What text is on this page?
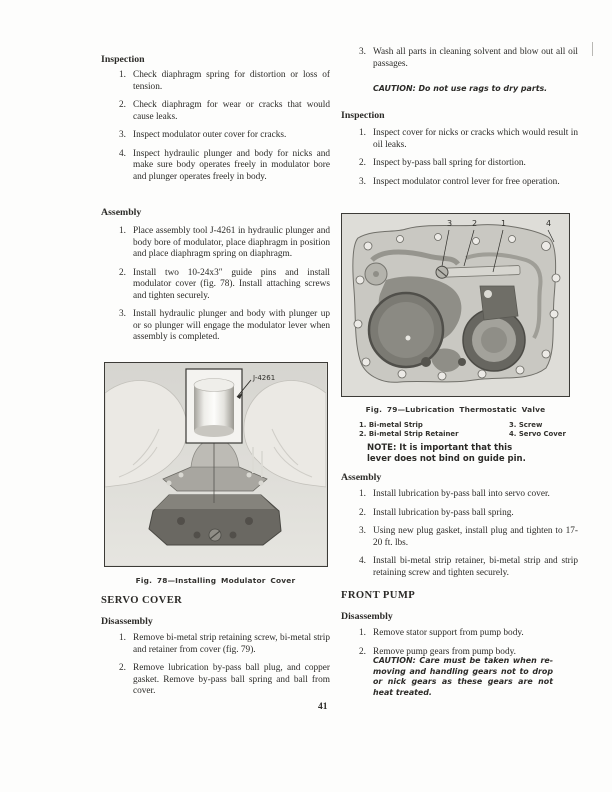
Inspection
1. Check diaphragm spring for distortion or loss of tension.
2. Check diaphragm for wear or cracks that would cause leaks.
3. Inspect modulator outer cover for cracks.
4. Inspect hydraulic plunger and body for nicks and make sure body operates freely in modulator bore and plunger operates freely in body.
Assembly
1. Place assembly tool J-4261 in hydraulic plunger and body bore of modulator, place diaphragm in position and place diaphragm spring on diaphragm.
2. Install two 10-24x3″ guide pins and install modulator cover (fig. 78). Install attaching screws and tighten securely.
3. Install hydraulic plunger and body with plunger up or so plunger will engage the modulator lever when assembly is completed.
J-4261
Fig. 78—Installing Modulator Cover
SERVO COVER
Disassembly
1. Remove bi-metal strip retaining screw, bi-metal strip and retainer from cover (fig. 79).
2. Remove lubrication by-pass ball plug, and copper gasket. Remove by-pass ball spring and ball from cover.
3. Wash all parts in cleaning solvent and blow out all oil passages.
CAUTION: Do not use rags to dry parts.
Inspection
1. Inspect cover for nicks or cracks which would result in oil leaks.
2. Inspect by-pass ball spring for distortion.
3. Inspect modulator control lever for free operation.
3 2	1	4
Fig. 79—Lubrication Thermostatic Valve
1. Bi-metal Strip	3. Screw
2. Bi-metal Strip Retainer	4. Servo Cover
NOTE: It is important that this lever does not bind on guide pin.
Assembly
1. Install lubrication by-pass ball into servo cover.
2. Install lubrication by-pass ball spring.
3. Using new plug gasket, install plug and tighten to 17-20 ft. lbs.
4. Install bi-metal strip retainer, bi-metal strip and strip retaining screw and tighten securely.
FRONT PUMP
Disassembly
1. Remove stator support from pump body.
2. Remove pump gears from pump body.
CAUTION: Care must be taken when removing and handling gears not to drop or nick gears as these gears are not heat treated.
41
